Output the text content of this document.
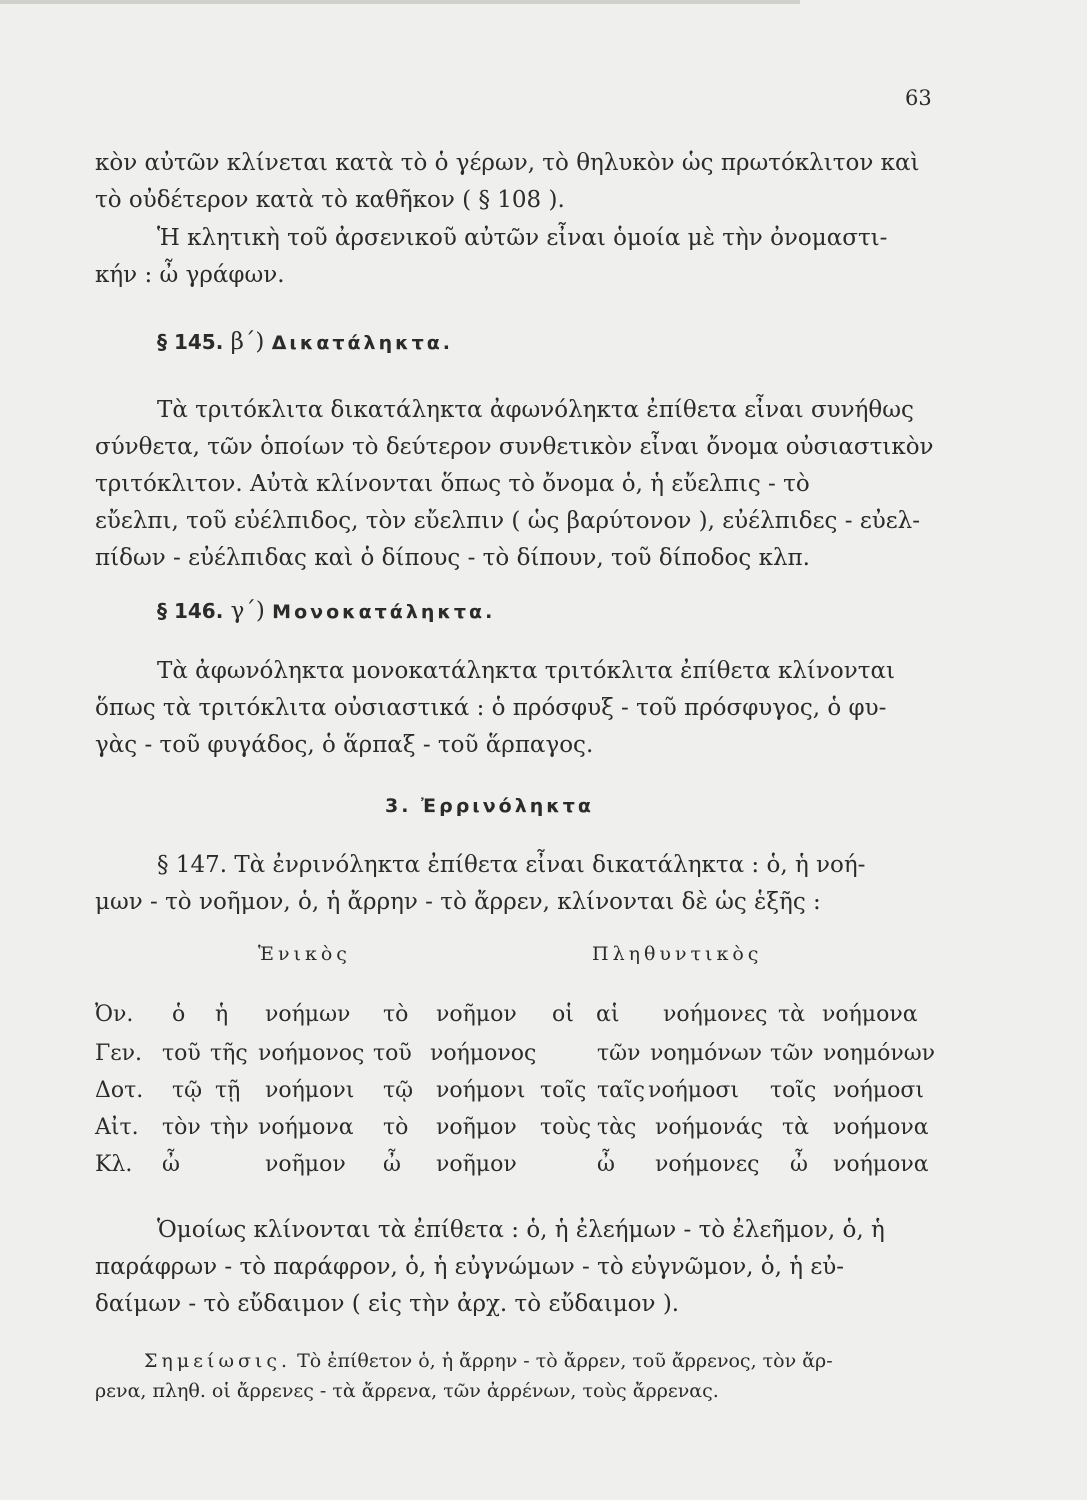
63
κὸν αὐτῶν κλίνεται κατὰ τὸ ὁ γέρων, τὸ θηλυκὸν ὡς πρωτόκλιτον καὶ
τὸ οὐδέτερον κατὰ τὸ καθῆκον ( § 108 ).
Ἡ κλητικὴ τοῦ ἀρσενικοῦ αὐτῶν εἶναι ὁμοία μὲ τὴν ὀνομαστι-
κήν : ὦ γράφων.
§ 145. β΄) Δικατάληκτα.
Τὰ τριτόκλιτα δικατάληκτα ἀφωνόληκτα ἐπίθετα εἶναι συνήθως
σύνθετα, τῶν ὁποίων τὸ δεύτερον συνθετικὸν εἶναι ὄνομα οὐσιαστικὸν
τριτόκλιτον. Αὐτὰ κλίνονται ὅπως τὸ ὄνομα ὁ, ἡ εὔελπις - τὸ
εὔελπι, τοῦ εὐέλπιδος, τὸν εὔελπιν ( ὡς βαρύτονον ), εὐέλπιδες - εὐελ-
πίδων - εὐέλπιδας καὶ ὁ δίπους - τὸ δίπουν, τοῦ δίποδος κλπ.
§ 146. γ΄) Μονοκατάληκτα.
Τὰ ἀφωνόληκτα μονοκατάληκτα τριτόκλιτα ἐπίθετα κλίνονται
ὅπως τὰ τριτόκλιτα οὐσιαστικά : ὁ πρόσφυξ - τοῦ πρόσφυγος, ὁ φυ-
γὰς - τοῦ φυγάδος, ὁ ἅρπαξ - τοῦ ἅρπαγος.
3. Ἐρρινόληκτα
§ 147. Τὰ ἐνρινόληκτα ἐπίθετα εἶναι δικατάληκτα : ὁ, ἡ νοή-
μων - τὸ νοῆμον, ὁ, ἡ ἄρρην - τὸ ἄρρεν, κλίνονται δὲ ὡς ἑξῆς :
Ἑνικὸς	Πληθυντικὸς
Ὀν. ὁ ἡ νοήμων τὸ νοῆμον οἱ αἱ νοήμονες τὰ νοήμονα
Γεν. τοῦ τῆς νοήμονος τοῦ νοήμονος	τῶν νοημόνων τῶν νοημόνων
Δοτ. τῷ τῇ νοήμονι τῷ νοήμονι τοῖς ταῖς νοήμοσι τοῖς νοήμοσι
Αἰτ. τὸν τὴν νοήμονα τὸ νοῆμον τοὺς τὰς νοήμονάς τὰ νοήμονα
Κλ. ὦ	νοῆμον ὦ νοῆμον	ὦ νοήμονες ὦ νοήμονα
Ὁμοίως κλίνονται τὰ ἐπίθετα : ὁ, ἡ ἐλεήμων - τὸ ἐλεῆμον, ὁ, ἡ
παράφρων - τὸ παράφρον, ὁ, ἡ εὐγνώμων - τὸ εὐγνῶμον, ὁ, ἡ εὐ-
δαίμων - τὸ εὔδαιμον ( εἰς τὴν ἀρχ. τὸ εὔδαιμον ).
Σημείωσις. Τὸ ἐπίθετον ὁ, ἡ ἄρρην - τὸ ἄρρεν, τοῦ ἄρρενος, τὸν ἄρ-
ρενα, πληθ. οἱ ἄρρενες - τὰ ἄρρενα, τῶν ἀρρένων, τοὺς ἄρρενας.
